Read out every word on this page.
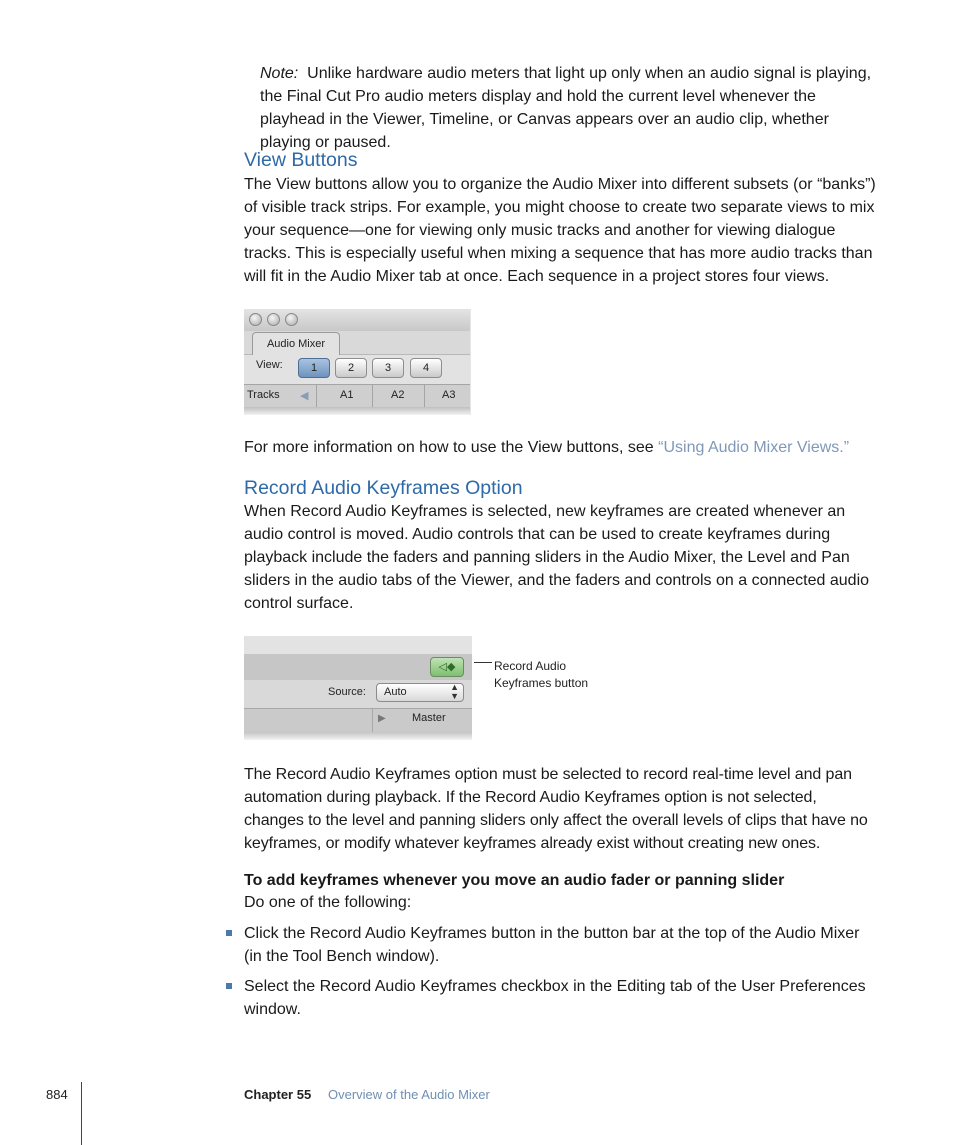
Note: Unlike hardware audio meters that light up only when an audio signal is playing, the Final Cut Pro audio meters display and hold the current level whenever the playhead in the Viewer, Timeline, or Canvas appears over an audio clip, whether playing or paused.
View Buttons
The View buttons allow you to organize the Audio Mixer into different subsets (or “banks”) of visible track strips. For example, you might choose to create two separate views to mix your sequence—one for viewing only music tracks and another for viewing dialogue tracks. This is especially useful when mixing a sequence that has more audio tracks than will fit in the Audio Mixer tab at once. Each sequence in a project stores four views.
Audio Mixer
View:	1	2	3	4
Tracks ◀	A1	A2	A3
For more information on how to use the View buttons, see “Using Audio Mixer Views.”
Record Audio Keyframes Option
When Record Audio Keyframes is selected, new keyframes are created whenever an audio control is moved. Audio controls that can be used to create keyframes during playback include the faders and panning sliders in the Audio Mixer, the Level and Pan sliders in the audio tabs of the Viewer, and the faders and controls on a connected audio control surface.
◁◆
Source: Auto	▲
▼
▶ Master
Record Audio Keyframes button
The Record Audio Keyframes option must be selected to record real-time level and pan automation during playback. If the Record Audio Keyframes option is not selected, changes to the level and panning sliders only affect the overall levels of clips that have no keyframes, or modify whatever keyframes already exist without creating new ones.
To add keyframes whenever you move an audio fader or panning slider
Do one of the following:
Click the Record Audio Keyframes button in the button bar at the top of the Audio Mixer (in the Tool Bench window).
Select the Record Audio Keyframes checkbox in the Editing tab of the User Preferences window.
884	Chapter 55 Overview of the Audio Mixer
